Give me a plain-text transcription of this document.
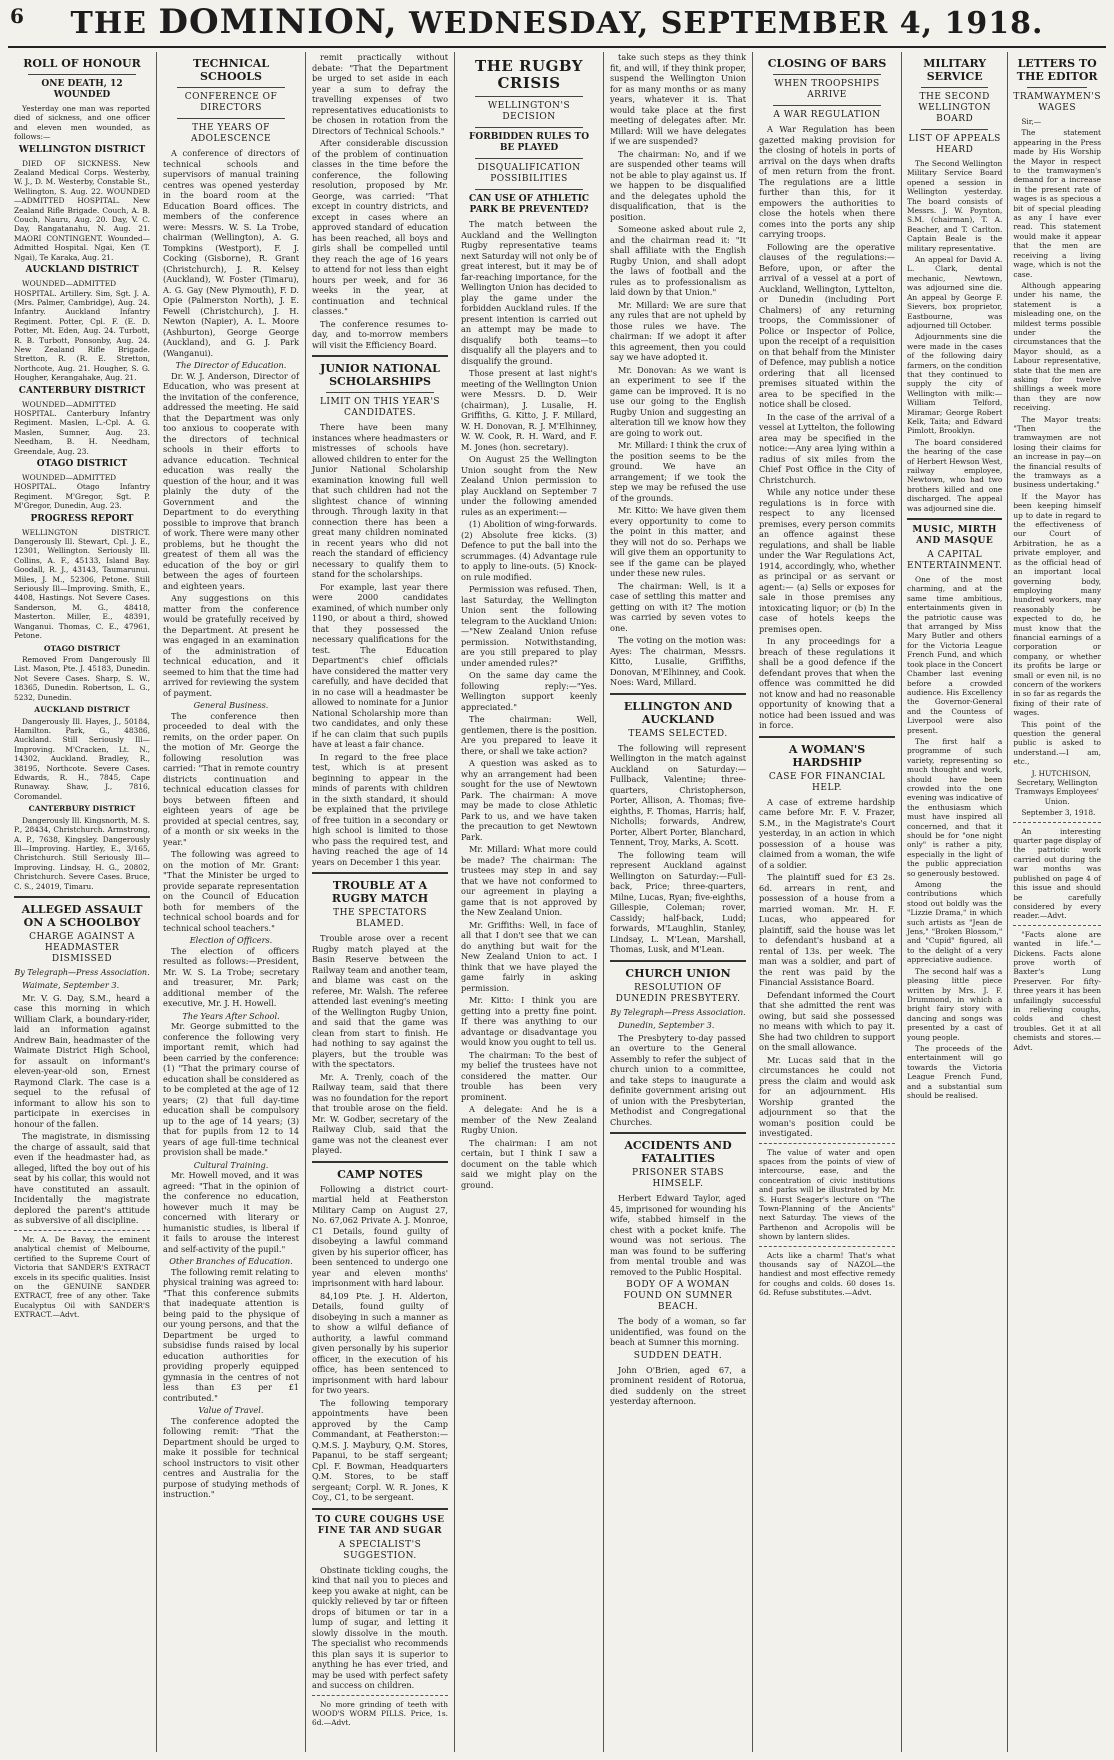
6	THE DOMINION, WEDNESDAY, SEPTEMBER 4, 1918.
ROLL OF HONOUR
ONE DEATH, 12 WOUNDED

Yesterday one man was reported died of sickness, and one officer and eleven men wounded, as follows:—

WELLINGTON DISTRICT

DIED OF SICKNESS. New Zealand Medical Corps. Westerby, W. J., D. M. Westerby, Constable St., Wellington, S. Aug. 22. WOUNDED—ADMITTED HOSPITAL. New Zealand Rifle Brigade. Couch, A. B. Couch, Nauru, Aug. 20. Day, V. C. Day, Rangatanahu, N. Aug. 21. MAORI CONTINGENT. Wounded—Admitted Hospital. Ngai, Ken (T. Ngai), Te Karaka, Aug. 21.

AUCKLAND DISTRICT

WOUNDED—ADMITTED HOSPITAL. Artillery. Sim, Sgt. J. A. (Mrs. Palmer, Cambridge), Aug. 24. Infantry. Auckland Infantry Regiment. Potter, Cpl. F. (E. D. Potter, Mt. Eden, Aug. 24. Turbott, R. B. Turbott, Ponsonby, Aug. 24. New Zealand Rifle Brigade. Stretton, R. (R. E. Stretton, Northcote, Aug. 21. Hougher, S. G. Hougher, Kerangahake, Aug. 21.

CANTERBURY DISTRICT

WOUNDED—ADMITTED HOSPITAL. Canterbury Infantry Regiment. Maslen, L.-Cpl. A. G. Maslen, Sumner, Aug. 23. Needham, B. H. Needham, Greendale, Aug. 23.

OTAGO DISTRICT

WOUNDED—ADMITTED HOSPITAL. Otago Infantry Regiment. M'Gregor, Sgt. P. M'Gregor, Dunedin, Aug. 23.

PROGRESS REPORT

WELLINGTON DISTRICT. Dangerously Ill. Stewart, Cpl. J. E., 12301, Wellington. Seriously Ill. Collins, A. F., 45133, Island Bay. Goodall, R. J., 43143, Taumarunui. Miles, J. M., 52306, Petone. Still Seriously Ill—Improving. Smith, E., 4408, Hastings. Not Severe Cases. Sanderson, M. G., 48418, Masterton. Miller, E., 48391, Wanganui. Thomas, C. E., 47961, Petone.

OTAGO DISTRICT

Removed From Dangerously Ill List. Mason, Pte. J. 45183, Dunedin. Not Severe Cases. Sharp, S. W., 18365, Dunedin. Robertson, L. G., 5232, Dunedin.

AUCKLAND DISTRICT

Dangerously Ill. Hayes, J., 50184, Hamilton. Park, G., 48386, Auckland. Still Seriously Ill—Improving. M'Cracken, Lt. N., 14302, Auckland. Bradley, R., 38195, Northcote. Severe Cases. Edwards, R. H., 7845, Cape Runaway. Shaw, J., 7816, Coromandel.

CANTERBURY DISTRICT

Dangerously Ill. Kingsnorth, M. S. P., 28434, Christchurch. Armstrong, A. P., 7638, Kingsley. Dangerously Ill—Improving. Hartley, E., 3/165, Christchurch. Still Seriously Ill—Improving. Lindsay, H. G., 20802, Christchurch. Severe Cases. Bruce, C. S., 24019, Timaru.

ALLEGED ASSAULT ON A SCHOOLBOY
CHARGE AGAINST A HEADMASTER DISMISSED
By Telegraph—Press Association.

Waimate, September 3.

Mr. V. G. Day, S.M., heard a case this morning in which William Clark, a boundary-rider, laid an information against Andrew Bain, headmaster of the Waimate District High School, for assault on informant's eleven-year-old son, Ernest Raymond Clark. The case is a sequel to the refusal of informant to allow his son to participate in exercises in honour of the fallen.

The magistrate, in dismissing the charge of assault, said that even if the headmaster had, as alleged, lifted the boy out of his seat by his collar, this would not have constituted an assault. Incidentally the magistrate deplored the parent's attitude as subversive of all discipline.

Mr. A. De Bavay, the eminent analytical chemist of Melbourne, certified to the Supreme Court of Victoria that SANDER'S EXTRACT excels in its specific qualities. Insist on the GENUINE SANDER EXTRACT, free of any other. Take Eucalyptus Oil with SANDER'S EXTRACT.—Advt.

TECHNICAL SCHOOLS
CONFERENCE OF DIRECTORS
THE YEARS OF ADOLESCENCE

A conference of directors of technical schools and supervisors of manual training centres was opened yesterday in the board room at the Education Board offices. The members of the conference were: Messrs. W. S. La Trobe, chairman (Wellington), A. G. Tompkins (Westport), F. J. Cocking (Gisborne), R. Grant (Christchurch), J. R. Kelsey (Auckland), W. Foster (Timaru), A. G. Gay (New Plymouth), F. D. Opie (Palmerston North), J. E. Fewell (Christchurch), J. H. Newton (Napier), A. L. Moore (Ashburton), George George (Auckland), and G. J. Park (Wanganui).

The Director of Education.

Dr. W. J. Anderson, Director of Education, who was present at the invitation of the conference, addressed the meeting. He said that the Department was only too anxious to cooperate with the directors of technical schools in their efforts to advance education. Technical education was really the question of the hour, and it was plainly the duty of the Government and the Department to do everything possible to improve that branch of work. There were many other problems, but he thought the greatest of them all was the education of the boy or girl between the ages of fourteen and eighteen years.

Any suggestions on this matter from the conference would be gratefully received by the Department. At present he was engaged in an examination of the administration of technical education, and it seemed to him that the time had arrived for reviewing the system of payment.

General Business.

The conference then proceeded to deal with the remits, on the order paper. On the motion of Mr. George the following resolution was carried: "That in remote country districts continuation and technical education classes for boys between fifteen and eighteen years of age be provided at special centres, say, of a month or six weeks in the year."

The following was agreed to on the motion of Mr. Grant: "That the Minister be urged to provide separate representation on the Council of Education both for members of the technical school boards and for technical school teachers."

Election of Officers.

The election of officers resulted as follows:—President, Mr. W. S. La Trobe; secretary and treasurer, Mr. Park; additional member of the executive, Mr. J. H. Howell.

The Years After School.

Mr. George submitted to the conference the following very important remit, which had been carried by the conference: (1) "That the primary course of education shall be considered as to be completed at the age of 12 years; (2) that full day-time education shall be compulsory up to the age of 14 years; (3) that for pupils from 12 to 14 years of age full-time technical provision shall be made."

Cultural Training.

Mr. Howell moved, and it was agreed: "That in the opinion of the conference no education, however much it may be concerned with literary or humanistic studies, is liberal if it fails to arouse the interest and self-activity of the pupil."

Other Branches of Education.

The following remit relating to physical training was agreed to: "That this conference submits that inadequate attention is being paid to the physique of our young persons, and that the Department be urged to subsidise funds raised by local education authorities for providing properly equipped gymnasia in the centres of not less than £3 per £1 contributed."

Value of Travel.

The conference adopted the following remit: "That the Department should be urged to make it possible for technical school instructors to visit other centres and Australia for the purpose of studying methods of instruction."

remit practically without debate: "That the Department be urged to set aside in each year a sum to defray the travelling expenses of two representatives educationists to be chosen in rotation from the Directors of Technical Schools."

After considerable discussion of the problem of continuation classes in the time before the conference, the following resolution, proposed by Mr. George, was carried: "That except in country districts, and except in cases where an approved standard of education has been reached, all boys and girls shall be compelled until they reach the age of 16 years to attend for not less than eight hours per week, and for 36 weeks in the year, at continuation and technical classes."

The conference resumes to-day, and to-morrow members will visit the Efficiency Board.

JUNIOR NATIONAL SCHOLARSHIPS
LIMIT ON THIS YEAR'S CANDIDATES.

There have been many instances where headmasters or mistresses of schools have allowed children to enter for the Junior National Scholarship examination knowing full well that such children had not the slightest chance of winning through. Through laxity in that connection there has been a great many children nominated in recent years who did not reach the standard of efficiency necessary to qualify them to stand for the scholarships.

For example, last year there were 2000 candidates examined, of which number only 1190, or about a third, showed that they possessed the necessary qualifications for the test. The Education Department's chief officials have considered the matter very carefully, and have decided that in no case will a headmaster be allowed to nominate for a Junior National Scholarship more than two candidates, and only these if he can claim that such pupils have at least a fair chance.

In regard to the free place test, which is at present beginning to appear in the minds of parents with children in the sixth standard, it should be explained that the privilege of free tuition in a secondary or high school is limited to those who pass the required test, and having reached the age of 14 years on December 1 this year.

TROUBLE AT A RUGBY MATCH
THE SPECTATORS BLAMED.

Trouble arose over a recent Rugby match played at the Basin Reserve between the Railway team and another team, and blame was cast on the referee, Mr. Walsh. The referee attended last evening's meeting of the Wellington Rugby Union, and said that the game was clean from start to finish. He had nothing to say against the players, but the trouble was with the spectators.

Mr. A. Trenly, coach of the Railway team, said that there was no foundation for the report that trouble arose on the field. Mr. W. Godber, secretary of the Railway Club, said that the game was not the cleanest ever played.

CAMP NOTES

Following a district court-martial held at Featherston Military Camp on August 27, No. 67,062 Private A. J. Monroe, C1 Details, found guilty of disobeying a lawful command given by his superior officer, has been sentenced to undergo one year and eleven months' imprisonment with hard labour.

84,109 Pte. J. H. Alderton, Details, found guilty of disobeying in such a manner as to show a wilful defiance of authority, a lawful command given personally by his superior officer, in the execution of his office, has been sentenced to imprisonment with hard labour for two years.

The following temporary appointments have been approved by the Camp Commandant, at Featherston:—Q.M.S. J. Maybury, Q.M. Stores, Papanui, to be staff sergeant; Cpl. F. Bowman, Headquarters Q.M. Stores, to be staff sergeant; Corpl. W. R. Jones, K Coy., C1, to be sergeant.

TO CURE COUGHS USE FINE TAR AND SUGAR
A SPECIALIST'S SUGGESTION.

Obstinate tickling coughs, the kind that nail you to pieces and keep you awake at night, can be quickly relieved by tar or fifteen drops of bitumen or tar in a lump of sugar, and letting it slowly dissolve in the mouth. The specialist who recommends this plan says it is superior to anything he has ever tried, and may be used with perfect safety and success on children.

No more grinding of teeth with WOOD'S WORM PILLS. Price, 1s. 6d.—Advt.

THE RUGBY CRISIS
WELLINGTON'S DECISION
FORBIDDEN RULES TO BE PLAYED
DISQUALIFICATION POSSIBILITIES
CAN USE OF ATHLETIC PARK BE PREVENTED?

The match between the Auckland and the Wellington Rugby representative teams next Saturday will not only be of great interest, but it may be of far-reaching importance, for the Wellington Union has decided to play the game under the forbidden Auckland rules. If the present intention is carried out an attempt may be made to disqualify both teams—to disqualify all the players and to disqualify the ground.

Those present at last night's meeting of the Wellington Union were Messrs. D. D. Weir (chairman), J. Lusalie, H. Griffiths, G. Kitto, J. F. Millard, W. H. Donovan, R. J. M'Elhinney, W. W. Cook, R. H. Ward, and F. M. Jones (hon. secretary).

On August 25 the Wellington Union sought from the New Zealand Union permission to play Auckland on September 7 under the following amended rules as an experiment:—

(1) Abolition of wing-forwards. (2) Absolute free kicks. (3) Defence to put the ball into the scrummages. (4) Advantage rule to apply to line-outs. (5) Knock-on rule modified.

Permission was refused. Then, last Saturday, the Wellington Union sent the following telegram to the Auckland Union:—"New Zealand Union refuse permission. Notwithstanding, are you still prepared to play under amended rules?"

On the same day came the following reply:—"Yes. Wellington support keenly appreciated."

The chairman: Well, gentlemen, there is the position. Are you prepared to leave it there, or shall we take action?

A question was asked as to why an arrangement had been sought for the use of Newtown Park. The chairman: A move may be made to close Athletic Park to us, and we have taken the precaution to get Newtown Park.

Mr. Millard: What more could be made? The chairman: The trustees may step in and say that we have not conformed to our agreement in playing a game that is not approved by the New Zealand Union.

Mr. Griffiths: Well, in face of all that I don't see that we can do anything but wait for the New Zealand Union to act. I think that we have played the game fairly in asking permission.

Mr. Kitto: I think you are getting into a pretty fine point. If there was anything to our advantage or disadvantage you would know you ought to tell us.

The chairman: To the best of my belief the trustees have not considered the matter. Our trouble has been very prominent.

A delegate: And he is a member of the New Zealand Rugby Union.

The chairman: I am not certain, but I think I saw a document on the table which said we might play on the ground.

take such steps as they think fit, and will, if they think proper, suspend the Wellington Union for as many months or as many years, whatever it is. That would take place at the first meeting of delegates after. Mr. Millard: Will we have delegates if we are suspended?

The chairman: No, and if we are suspended other teams will not be able to play against us. If we happen to be disqualified and the delegates uphold the disqualification, that is the position.

Someone asked about rule 2, and the chairman read it: "It shall affiliate with the English Rugby Union, and shall adopt the laws of football and the rules as to professionalism as laid down by that Union."

Mr. Millard: We are sure that any rules that are not upheld by those rules we have. The chairman: If we adopt it after this agreement, then you could say we have adopted it.

Mr. Donovan: As we want is an experiment to see if the game can be improved. It is no use our going to the English Rugby Union and suggesting an alteration till we know how they are going to work out.

Mr. Millard: I think the crux of the position seems to be the ground. We have an arrangement; if we took the step we may be refused the use of the grounds.

Mr. Kitto: We have given them every opportunity to come to the point in this matter, and they will not do so. Perhaps we will give them an opportunity to see if the game can be played under these new rules.

The chairman: Well, is it a case of settling this matter and getting on with it? The motion was carried by seven votes to one.

The voting on the motion was: Ayes: The chairman, Messrs. Kitto, Lusalie, Griffiths, Donovan, M'Elhinney, and Cook. Noes: Ward, Millard.

ELLINGTON AND AUCKLAND
TEAMS SELECTED.

The following will represent Wellington in the match against Auckland on Saturday:—Fullback, Valentine; three-quarters, Christopherson, Porter, Allison, A. Thomas; five-eighths, F. Thomas, Harris; half, Nicholls; forwards, Andrew, Porter, Albert Porter, Blanchard, Tennent, Troy, Marks, A. Scott.

The following team will represent Auckland against Wellington on Saturday:—Full-back, Price; three-quarters, Milne, Lucas, Ryan; five-eighths, Gillespie, Coleman; rover, Cassidy; half-back, Ludd; forwards, M'Laughlin, Stanley, Lindsay, L. M'Lean, Marshall, Thomas, Lusk, and M'Lean.

CHURCH UNION
RESOLUTION OF DUNEDIN PRESBYTERY.
By Telegraph—Press Association.

Dunedin, September 3.

The Presbytery to-day passed an overture to the General Assembly to refer the subject of church union to a committee, and take steps to inaugurate a definite government arising out of union with the Presbyterian, Methodist and Congregational Churches.

ACCIDENTS AND FATALITIES
PRISONER STABS HIMSELF.

Herbert Edward Taylor, aged 45, imprisoned for wounding his wife, stabbed himself in the chest with a pocket knife. The wound was not serious. The man was found to be suffering from mental trouble and was removed to the Public Hospital.

BODY OF A WOMAN FOUND ON SUMNER BEACH.

The body of a woman, so far unidentified, was found on the beach at Sumner this morning.

SUDDEN DEATH.

John O'Brien, aged 67, a prominent resident of Rotorua, died suddenly on the street yesterday afternoon.

CLOSING OF BARS
WHEN TROOPSHIPS ARRIVE
A WAR REGULATION

A War Regulation has been gazetted making provision for the closing of hotels in ports of arrival on the days when drafts of men return from the front. The regulations are a little further than this, for it empowers the authorities to close the hotels when there comes into the ports any ship carrying troops.

Following are the operative clauses of the regulations:— Before, upon, or after the arrival of a vessel at a port of Auckland, Wellington, Lyttelton, or Dunedin (including Port Chalmers) of any returning troops, the Commissioner of Police or Inspector of Police, upon the receipt of a requisition on that behalf from the Minister of Defence, may publish a notice ordering that all licensed premises situated within the area to be specified in the notice shall be closed.

In the case of the arrival of a vessel at Lyttelton, the following area may be specified in the notice:—Any area lying within a radius of six miles from the Chief Post Office in the City of Christchurch.

While any notice under these regulations is in force with respect to any licensed premises, every person commits an offence against these regulations, and shall be liable under the War Regulations Act, 1914, accordingly, who, whether as principal or as servant or agent:— (a) Sells or exposes for sale in those premises any intoxicating liquor; or (b) In the case of hotels keeps the premises open.

In any proceedings for a breach of these regulations it shall be a good defence if the defendant proves that when the offence was committed he did not know and had no reasonable opportunity of knowing that a notice had been issued and was in force.

A WOMAN'S HARDSHIP
CASE FOR FINANCIAL HELP.

A case of extreme hardship came before Mr. F. V. Frazer, S.M., in the Magistrate's Court yesterday, in an action in which possession of a house was claimed from a woman, the wife of a soldier.

The plaintiff sued for £3 2s. 6d. arrears in rent, and possession of a house from a married woman. Mr. H. F. Lucas, who appeared for plaintiff, said the house was let to defendant's husband at a rental of 13s. per week. The man was a soldier, and part of the rent was paid by the Financial Assistance Board.

Defendant informed the Court that she admitted the rent was owing, but said she possessed no means with which to pay it. She had two children to support on the small allowance.

Mr. Lucas said that in the circumstances he could not press the claim and would ask for an adjournment. His Worship granted the adjournment so that the woman's position could be investigated.

The value of water and open spaces from the points of view of intercourse, ease, and the concentration of civic institutions and parks will be illustrated by Mr. S. Hurst Seager's lecture on "The Town-Planning of the Ancients" next Saturday. The views of the Parthenon and Acropolis will be shown by lantern slides.

Acts like a charm! That's what thousands say of NAZOL—the handiest and most effective remedy for coughs and colds. 60 doses 1s. 6d. Refuse substitutes.—Advt.

MILITARY SERVICE
THE SECOND WELLINGTON BOARD
LIST OF APPEALS HEARD

The Second Wellington Military Service Board opened a session in Wellington yesterday. The board consists of Messrs. J. W. Poynton, S.M. (chairman), T. A. Beacher, and T. Carlton. Captain Beale is the military representative.

An appeal for David A. L. Clark, dental mechanic, Newtown, was adjourned sine die. An appeal by George F. Sievers, box proprietor, Eastbourne, was adjourned till October.

Adjournments sine die were made in the cases of the following dairy farmers, on the condition that they continued to supply the city of Wellington with milk:—William Telford, Miramar; George Robert Kelk, Taita; and Edward Pimlott, Brooklyn.

The board considered the hearing of the case of Herbert Hewson West, railway employee, Newtown, who had two brothers killed and one discharged. The appeal was adjourned sine die.

MUSIC, MIRTH AND MASQUE
A CAPITAL ENTERTAINMENT.

One of the most charming, and at the same time ambitious, entertainments given in the patriotic cause was that arranged by Miss Mary Butler and others for the Victoria League French Fund, and which took place in the Concert Chamber last evening before a crowded audience. His Excellency the Governor-General and the Countess of Liverpool were also present.

The first half a programme of such variety, representing so much thought and work, should have been crowded into the one evening was indicative of the enthusiasm which must have inspired all concerned, and that it should be for "one night only" is rather a pity, especially in the light of the public appreciation so generously bestowed.

Among the contributions which stood out boldly was the "Lizzie Drama," in which such artists as "Jean de Jens," "Broken Blossom," and "Cupid" figured, all to the delight of a very appreciative audience.

The second half was a pleasing little piece written by Mrs. J. F. Drummond, in which a bright fairy story with dancing and songs was presented by a cast of young people.

The proceeds of the entertainment will go towards the Victoria League French Fund, and a substantial sum should be realised.

LETTERS TO THE EDITOR
TRAMWAYMEN'S WAGES

Sir,—

The statement appearing in the Press made by His Worship the Mayor in respect to the tramwaymen's demand for a increase in the present rate of wages is as specious a bit of special pleading as any I have ever read. This statement would make it appear that the men are receiving a living wage, which is not the case.

Although appearing under his name, the statement is a misleading one, on the mildest terms possible under the circumstances that the Mayor should, as a Labour representative, state that the men are asking for twelve shillings a week more than they are now receiving.

The Mayor treats: "Then the tramwaymen are not losing their claims for an increase in pay—on the financial results of the tramways as a business undertaking."

If the Mayor has been keeping himself up to date in regard to the effectiveness of our Court of Arbitration, he as a private employer, and as the official head of an important local governing body, employing many hundred workers, may reasonably be expected to do, he must know that the financial earnings of a corporation or company, or whether its profits be large or small or even nil, is no concern of the workers in so far as regards the fixing of their rate of wages.

This point of the question the general public is asked to understand.—I am, etc.,

J. HUTCHISON, Secretary, Wellington Tramways Employees' Union.

September 3, 1918.

An interesting quarter page display of the patriotic work carried out during the war months was published on page 4 of this issue and should be carefully considered by every reader.—Advt.

"Facts alone are wanted in life."—Dickens. Facts alone prove worth of Baxter's Lung Preserver. For fifty-three years it has been unfailingly successful in relieving coughs, colds and chest troubles. Get it at all chemists and stores.—Advt.
